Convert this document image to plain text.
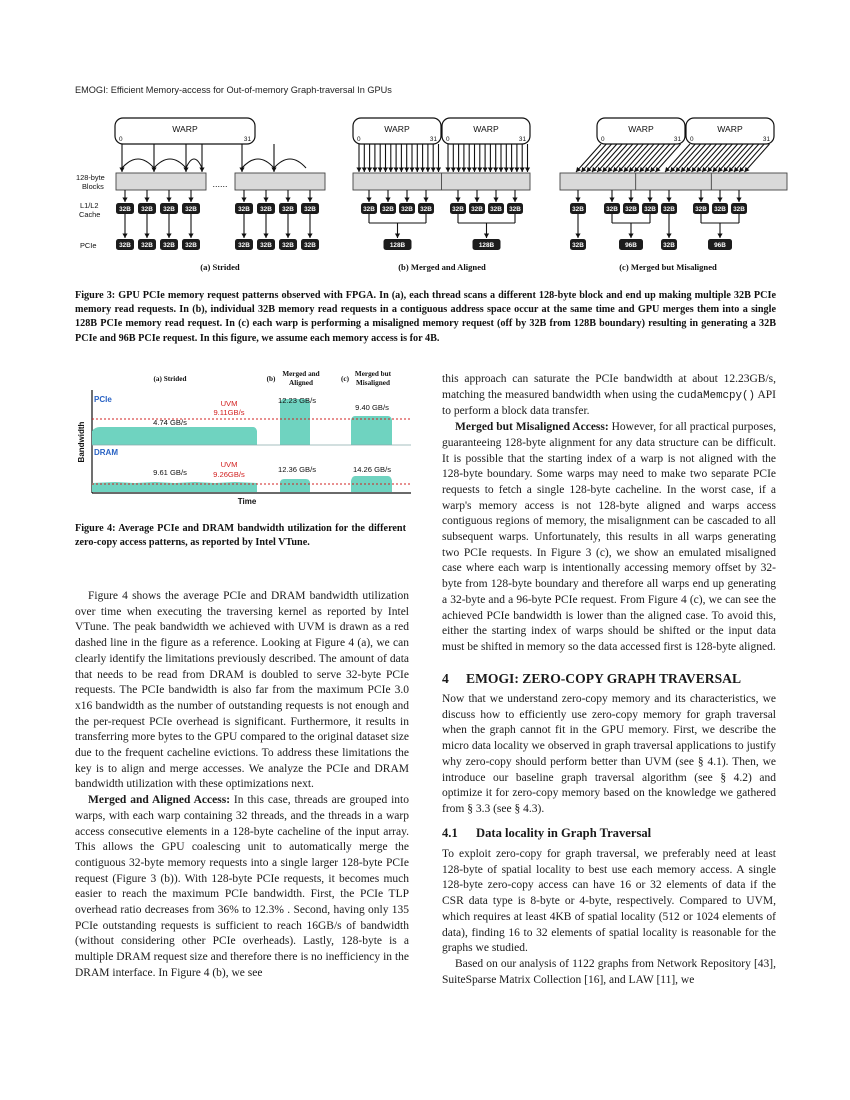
EMOGI: Efficient Memory-access for Out-of-memory Graph-traversal In GPUs
128-byte
Blocks
L1/L2
Cache
PCIe
WARP
0	31
......
32B
32B
32B
32B
32B
32B
32B
32B
32B
32B
32B
32B
32B
32B
32B
32B
(a) Strided
WARP
0	31
WARP
0	31
32B 32B 32B 32B	32B 32B 32B 32B
128B	128B
(b) Merged and Aligned
WARP
0	31
WARP
0	31
32B	32B 32B 32B 32B	32B 32B 32B
32B	96B	32B	96B
(c) Merged but Misaligned
Figure 3: GPU PCIe memory request patterns observed with FPGA. In (a), each thread scans a different 128-byte block and end up making multiple 32B PCIe memory read requests. In (b), individual 32B memory read requests in a contiguous address space occur at the same time and GPU merges them into a single 128B PCIe memory read request. In (c) each warp is performing a misaligned memory request (off by 32B from 128B boundary) resulting in generating a 32B PCIe and 96B PCIe request. In this figure, we assume each memory access is for 4B.
(a) Strided	(b)
Merged and
Aligned	(c)
Merged but
Misaligned
Bandwidth
Time
PCIe	UVM
9.11GB/s
4.74 GB/s
12.23 GB/s
9.40 GB/s
DRAM
UVM
9.26GB/s
9.61 GB/s	12.36 GB/s	14.26 GB/s
Figure 4: Average PCIe and DRAM bandwidth utilization for the different zero-copy access patterns, as reported by Intel VTune.

Figure 4 shows the average PCIe and DRAM bandwidth utilization over time when executing the traversing kernel as reported by Intel VTune. The peak bandwidth we achieved with UVM is drawn as a red dashed line in the figure as a reference. Looking at Figure 4 (a), we can clearly identify the limitations previously described. The amount of data that needs to be read from DRAM is doubled to serve 32-byte PCIe requests. The PCIe bandwidth is also far from the maximum PCIe 3.0 x16 bandwidth as the number of outstanding requests is not enough and the per-request PCIe overhead is significant. Furthermore, it results in transferring more bytes to the GPU compared to the original dataset size due to the frequent cacheline evictions. To address these limitations the key is to align and merge accesses. We analyze the PCIe and DRAM bandwidth utilization with these optimizations next.

Merged and Aligned Access: In this case, threads are grouped into warps, with each warp containing 32 threads, and the threads in a warp access consecutive elements in a 128-byte cacheline of the input array. This allows the GPU coalescing unit to automatically merge the contiguous 32-byte memory requests into a single larger 128-byte PCIe request (Figure 3 (b)). With 128-byte PCIe requests, it becomes much easier to reach the maximum PCIe bandwidth. First, the PCIe TLP overhead ratio decreases from 36% to 12.3% . Second, having only 135 PCIe outstanding requests is sufficient to reach 16GB/s of bandwidth (without considering other PCIe overheads). Lastly, 128-byte is a multiple DRAM request size and therefore there is no inefficiency in the DRAM interface. In Figure 4 (b), we see

this approach can saturate the PCIe bandwidth at about 12.23GB/s, matching the measured bandwidth when using the cudaMemcpy() API to perform a block data transfer.

Merged but Misaligned Access: However, for all practical purposes, guaranteeing 128-byte alignment for any data structure can be difficult. It is possible that the starting index of a warp is not aligned with the 128-byte boundary. Some warps may need to make two separate PCIe requests to fetch a single 128-byte cacheline. In the worst case, if a warp's memory access is not 128-byte aligned and warps access contiguous regions of memory, the misalignment can be cascaded to all subsequent warps. Unfortunately, this results in all warps generating two PCIe requests. In Figure 3 (c), we show an emulated misaligned case where each warp is intentionally accessing memory offset by 32-byte from 128-byte boundary and therefore all warps end up generating a 32-byte and a 96-byte PCIe request. From Figure 4 (c), we can see the achieved PCIe bandwidth is lower than the aligned case. To avoid this, either the starting index of warps should be shifted or the input data must be shifted in memory so the data accessed first is 128-byte aligned.

4 EMOGI: ZERO-COPY GRAPH TRAVERSAL

Now that we understand zero-copy memory and its characteristics, we discuss how to efficiently use zero-copy memory for graph traversal when the graph cannot fit in the GPU memory. First, we describe the micro data locality we observed in graph traversal applications to justify why zero-copy should perform better than UVM (see § 4.1). Then, we introduce our baseline graph traversal algorithm (see § 4.2) and optimize it for zero-copy memory based on the knowledge we gathered from § 3.3 (see § 4.3).

4.1 Data locality in Graph Traversal

To exploit zero-copy for graph traversal, we preferably need at least 128-byte of spatial locality to best use each memory access. A single 128-byte zero-copy access can have 16 or 32 elements of data if the CSR data type is 8-byte or 4-byte, respectively. Compared to UVM, which requires at least 4KB of spatial locality (512 or 1024 elements of data), finding 16 to 32 elements of spatial locality is reasonable for the graphs we studied.

Based on our analysis of 1122 graphs from Network Repository [43], SuiteSparse Matrix Collection [16], and LAW [11], we
